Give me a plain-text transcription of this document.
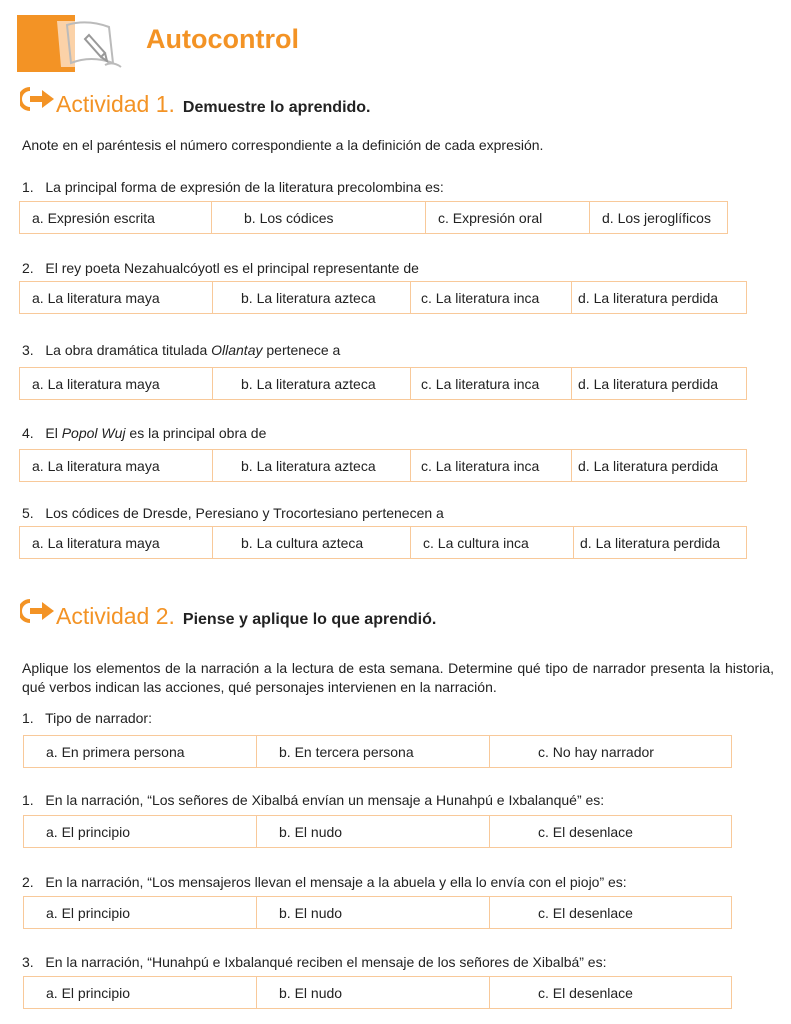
Autocontrol
Actividad 1. Demuestre lo aprendido.
Anote en el paréntesis el número correspondiente a la definición de cada expresión.
1. La principal forma de expresión de la literatura precolombina es:
a. Expresión escrita	b. Los códices	c. Expresión oral	d. Los jeroglíficos
2. El rey poeta Nezahualcóyotl es el principal representante de
a. La literatura maya	b. La literatura azteca	c. La literatura inca	d. La literatura perdida
3. La obra dramática titulada Ollantay pertenece a
a. La literatura maya	b. La literatura azteca	c. La literatura inca	d. La literatura perdida
4. El Popol Wuj es la principal obra de
a. La literatura maya	b. La literatura azteca	c. La literatura inca	d. La literatura perdida
5. Los códices de Dresde, Peresiano y Trocortesiano pertenecen a
a. La literatura maya	b. La cultura azteca	c. La cultura inca	d. La literatura perdida
Actividad 2. Piense y aplique lo que aprendió.
Aplique los elementos de la narración a la lectura de esta semana. Determine qué tipo de narrador presenta la historia, qué verbos indican las acciones, qué personajes intervienen en la narración.
1. Tipo de narrador:
a. En primera persona	b. En tercera persona	c. No hay narrador
1. En la narración, “Los señores de Xibalbá envían un mensaje a Hunahpú e Ixbalanqué” es:
a. El principio	b. El nudo	c. El desenlace
2. En la narración, “Los mensajeros llevan el mensaje a la abuela y ella lo envía con el piojo” es:
a. El principio	b. El nudo	c. El desenlace
3. En la narración, “Hunahpú e Ixbalanqué reciben el mensaje de los señores de Xibalbá” es:
a. El principio	b. El nudo	c. El desenlace
